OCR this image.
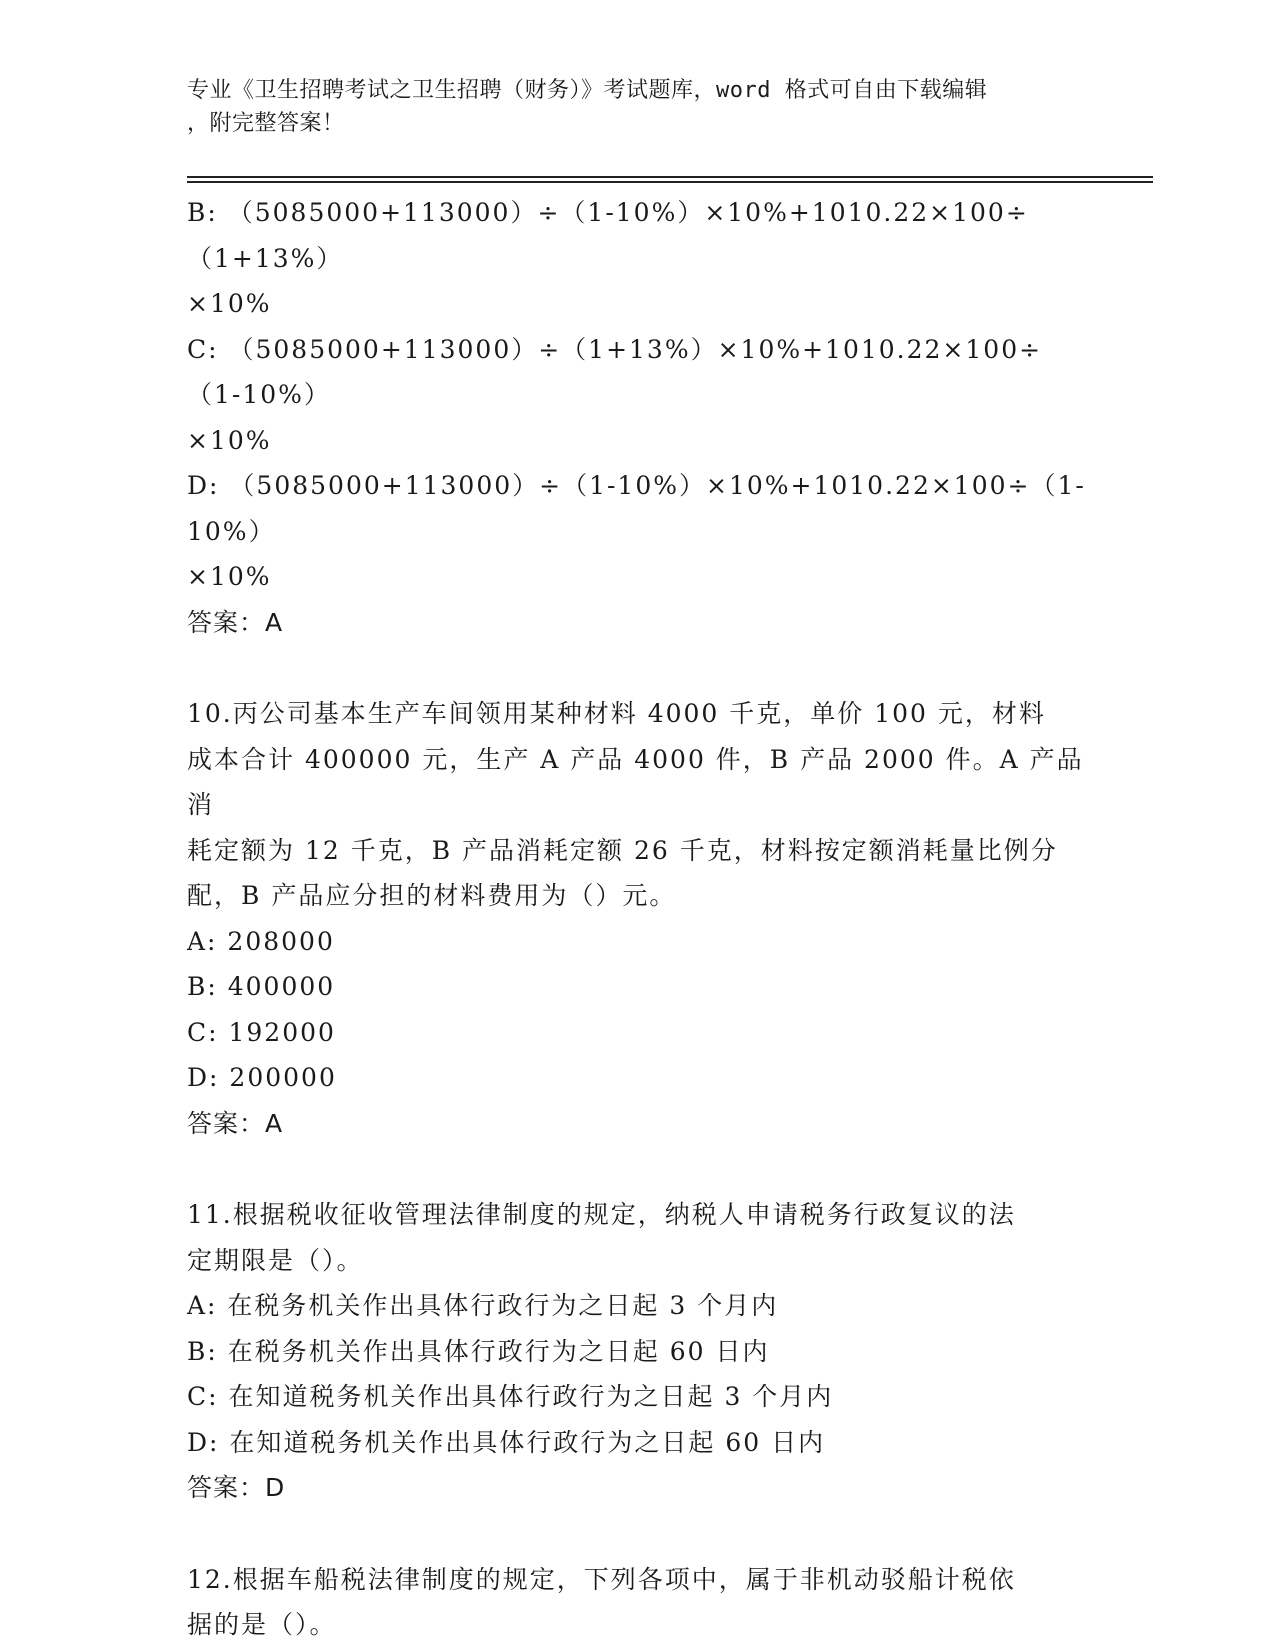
专业《卫生招聘考试之卫生招聘（财务）》考试题库，word 格式可自由下载编辑
，附完整答案！
B: （5085000+113000）÷（1-10%）×10%+1010.22×100÷（1+13%）
×10%
C: （5085000+113000）÷（1+13%）×10%+1010.22×100÷（1-10%）
×10%
D: （5085000+113000）÷（1-10%）×10%+1010.22×100÷（1-10%）
×10%
答案：A
10.丙公司基本生产车间领用某种材料 4000 千克，单价 100 元，材料
成本合计 400000 元，生产 A 产品 4000 件，B 产品 2000 件。A 产品消
耗定额为 12 千克，B 产品消耗定额 26 千克，材料按定额消耗量比例分
配，B 产品应分担的材料费用为（）元。
A: 208000
B: 400000
C: 192000
D: 200000
答案：A
11.根据税收征收管理法律制度的规定，纳税人申请税务行政复议的法
定期限是（）。
A: 在税务机关作出具体行政行为之日起 3 个月内
B: 在税务机关作出具体行政行为之日起 60 日内
C: 在知道税务机关作出具体行政行为之日起 3 个月内
D: 在知道税务机关作出具体行政行为之日起 60 日内
答案：D
12.根据车船税法律制度的规定，下列各项中，属于非机动驳船计税依
据的是（）。
